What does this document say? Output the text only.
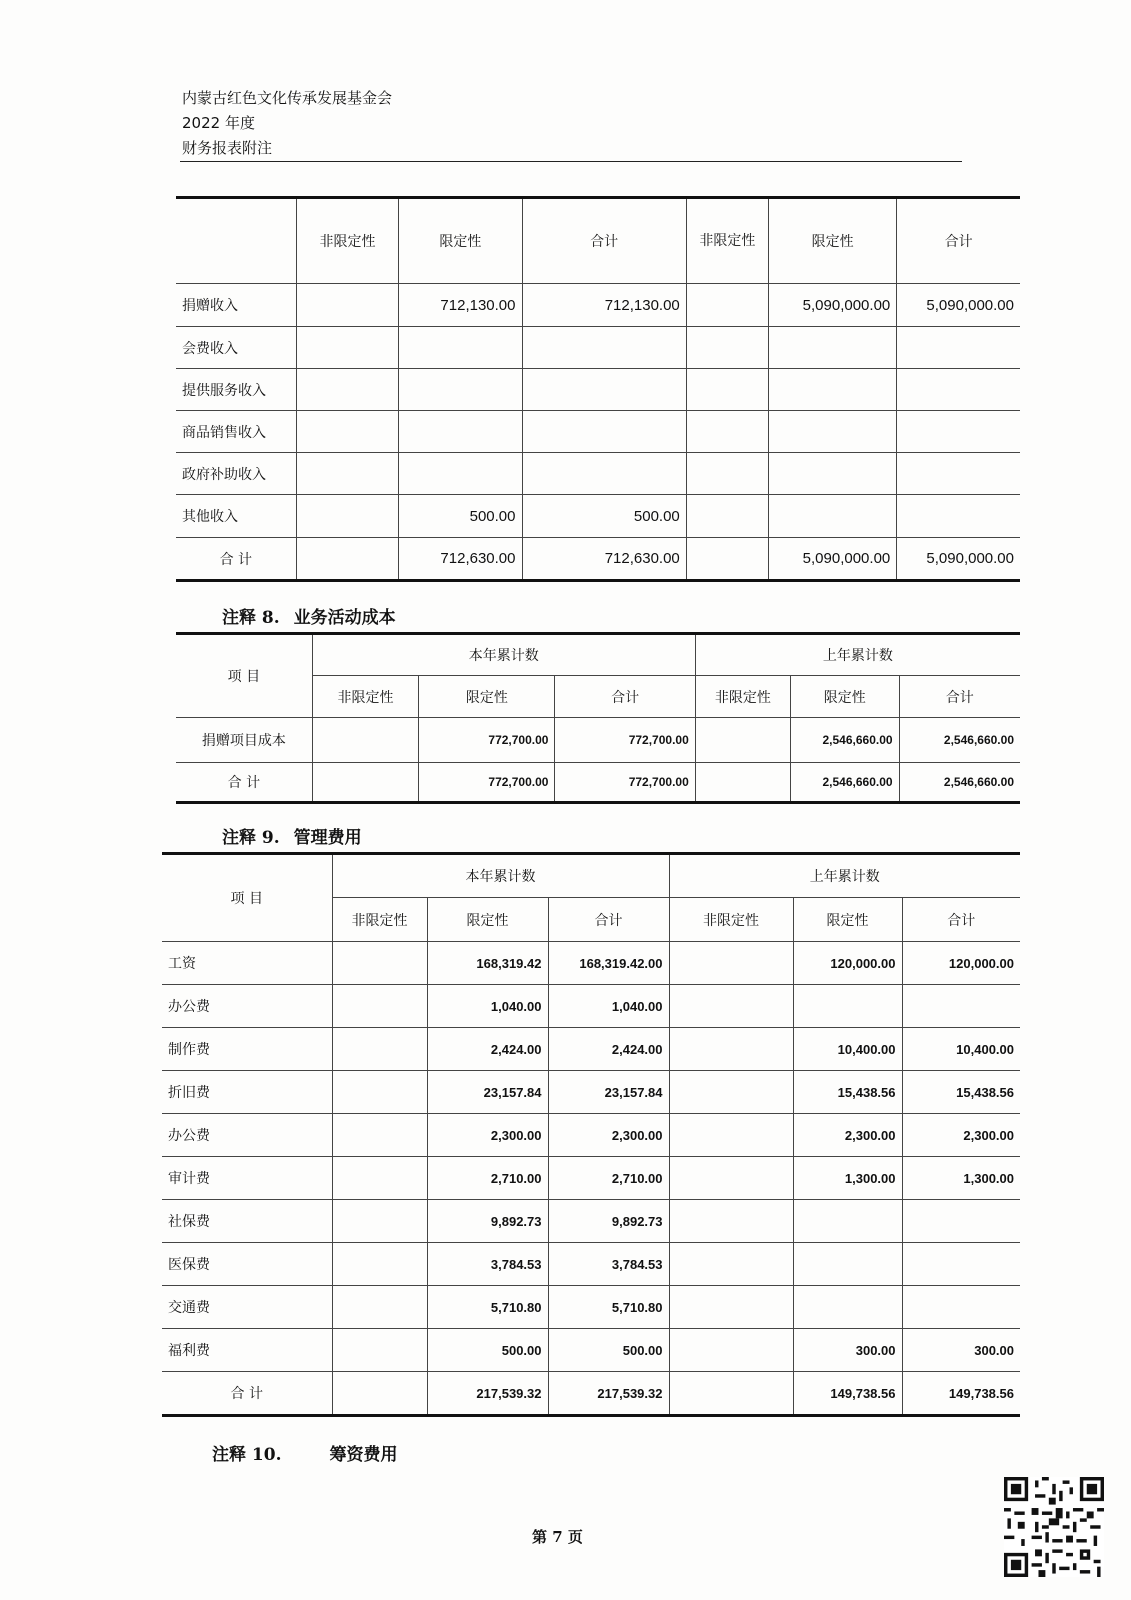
内蒙古红色文化传承发展基金会
2022 年度
财务报表附注
	非限定性	限定性	合计	非限定性	限定性	合计
捐赠收入		712,130.00	712,130.00		5,090,000.00	5,090,000.00
会费收入						
提供服务收入						
商品销售收入						
政府补助收入						
其他收入		500.00	500.00			
合 计		712,630.00	712,630.00		5,090,000.00	5,090,000.00
注释 8. 业务活动成本
项 目	本年累计数			上年累计数		
	非限定性	限定性	合计	非限定性	限定性	合计
捐赠项目成本		772,700.00	772,700.00		2,546,660.00	2,546,660.00
合 计		772,700.00	772,700.00		2,546,660.00	2,546,660.00
注释 9. 管理费用
项 目	本年累计数			上年累计数		
	非限定性	限定性	合计	非限定性	限定性	合计
工资		168,319.42	168,319.42.00		120,000.00	120,000.00
办公费		1,040.00	1,040.00			
制作费		2,424.00	2,424.00		10,400.00	10,400.00
折旧费		23,157.84	23,157.84		15,438.56	15,438.56
办公费		2,300.00	2,300.00		2,300.00	2,300.00
审计费		2,710.00	2,710.00		1,300.00	1,300.00
社保费		9,892.73	9,892.73			
医保费		3,784.53	3,784.53			
交通费		5,710.80	5,710.80			
福利费		500.00	500.00		300.00	300.00
合 计		217,539.32	217,539.32		149,738.56	149,738.56
注释 10.	筹资费用
第 7 页
